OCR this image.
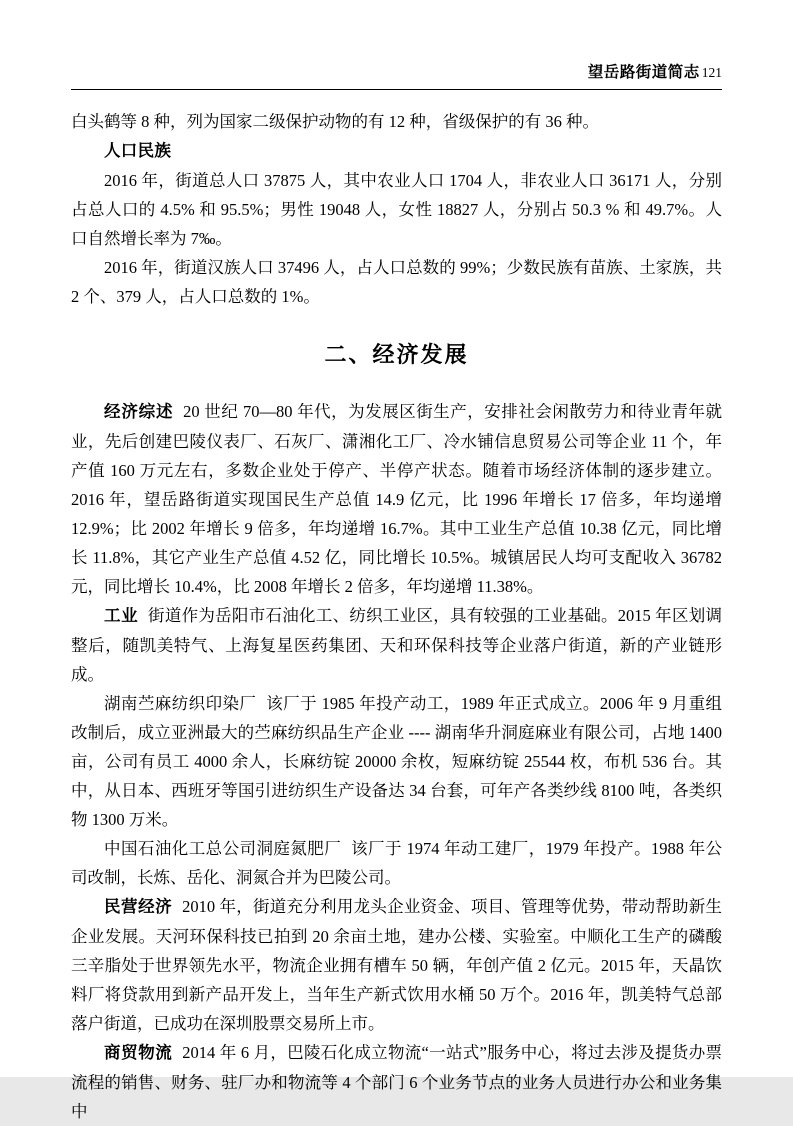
望岳路街道简志 121

白头鹤等 8 种，列为国家二级保护动物的有 12 种，省级保护的有 36 种。

人口民族

2016 年，街道总人口 37875 人，其中农业人口 1704 人，非农业人口 36171 人，分别占总人口的 4.5% 和 95.5%；男性 19048 人，女性 18827 人，分别占 50.3 % 和 49.7%。人口自然增长率为 7‰。

2016 年，街道汉族人口 37496 人，占人口总数的 99%；少数民族有苗族、土家族，共 2 个、379 人，占人口总数的 1%。

二、经济发展

经济综述 20 世纪 70—80 年代，为发展区街生产，安排社会闲散劳力和待业青年就业，先后创建巴陵仪表厂、石灰厂、潇湘化工厂、冷水铺信息贸易公司等企业 11 个，年产值 160 万元左右，多数企业处于停产、半停产状态。随着市场经济体制的逐步建立。2016 年，望岳路街道实现国民生产总值 14.9 亿元，比 1996 年增长 17 倍多，年均递增 12.9%；比 2002 年增长 9 倍多，年均递增 16.7%。其中工业生产总值 10.38 亿元，同比增长 11.8%，其它产业生产总值 4.52 亿，同比增长 10.5%。城镇居民人均可支配收入 36782 元，同比增长 10.4%，比 2008 年增长 2 倍多，年均递增 11.38%。

工业 街道作为岳阳市石油化工、纺织工业区，具有较强的工业基础。2015 年区划调整后，随凯美特气、上海复星医药集团、天和环保科技等企业落户街道，新的产业链形成。

湖南苎麻纺织印染厂 该厂于 1985 年投产动工，1989 年正式成立。2006 年 9 月重组改制后，成立亚洲最大的苎麻纺织品生产企业 ---- 湖南华升洞庭麻业有限公司，占地 1400 亩，公司有员工 4000 余人，长麻纺锭 20000 余枚，短麻纺锭 25544 枚，布机 536 台。其中，从日本、西班牙等国引进纺织生产设备达 34 台套，可年产各类纱线 8100 吨，各类织物 1300 万米。

中国石油化工总公司洞庭氮肥厂 该厂于 1974 年动工建厂，1979 年投产。1988 年公司改制，长炼、岳化、洞氮合并为巴陵公司。

民营经济 2010 年，街道充分利用龙头企业资金、项目、管理等优势，带动帮助新生企业发展。天河环保科技已拍到 20 余亩土地，建办公楼、实验室。中顺化工生产的磷酸三辛脂处于世界领先水平，物流企业拥有槽车 50 辆，年创产值 2 亿元。2015 年，天晶饮料厂将贷款用到新产品开发上，当年生产新式饮用水桶 50 万个。2016 年，凯美特气总部落户街道，已成功在深圳股票交易所上市。

商贸物流 2014 年 6 月，巴陵石化成立物流“一站式”服务中心，将过去涉及提货办票流程的销售、财务、驻厂办和物流等 4 个部门 6 个业务节点的业务人员进行办公和业务集中
